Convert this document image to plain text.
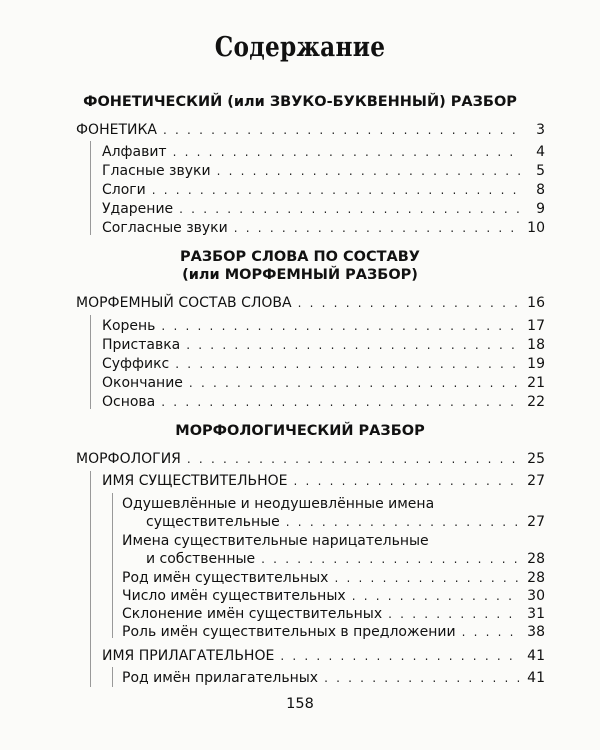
Содержание
ФОНЕТИЧЕСКИЙ (или ЗВУКО-БУКВЕННЫЙ) РАЗБОР
ФОНЕТИКА . . .	3
Алфавит . . .	4
Гласные звуки . . .	5
Слоги . . .	8
Ударение . . .	9
Согласные звуки . . .	10
РАЗБОР СЛОВА ПО СОСТАВУ
(или МОРФЕМНЫЙ РАЗБОР)
МОРФЕМНЫЙ СОСТАВ СЛОВА . . .	16
Корень . . .	17
Приставка . . .	18
Суффикс . . .	19
Окончание . . .	21
Основа . . .	22
МОРФОЛОГИЧЕСКИЙ РАЗБОР
МОРФОЛОГИЯ . . .	25
ИМЯ СУЩЕСТВИТЕЛЬНОЕ . . .	27
Одушевлённые и неодушевлённые имена
существительные . . .	27
Имена существительные нарицательные
и собственные . . .	28
Род имён существительных . . .	28
Число имён существительных . . .	30
Склонение имён существительных . . .	31
Роль имён существительных в предложении . . .	38
ИМЯ ПРИЛАГАТЕЛЬНОЕ . . .	41
Род имён прилагательных . . .	41
158
